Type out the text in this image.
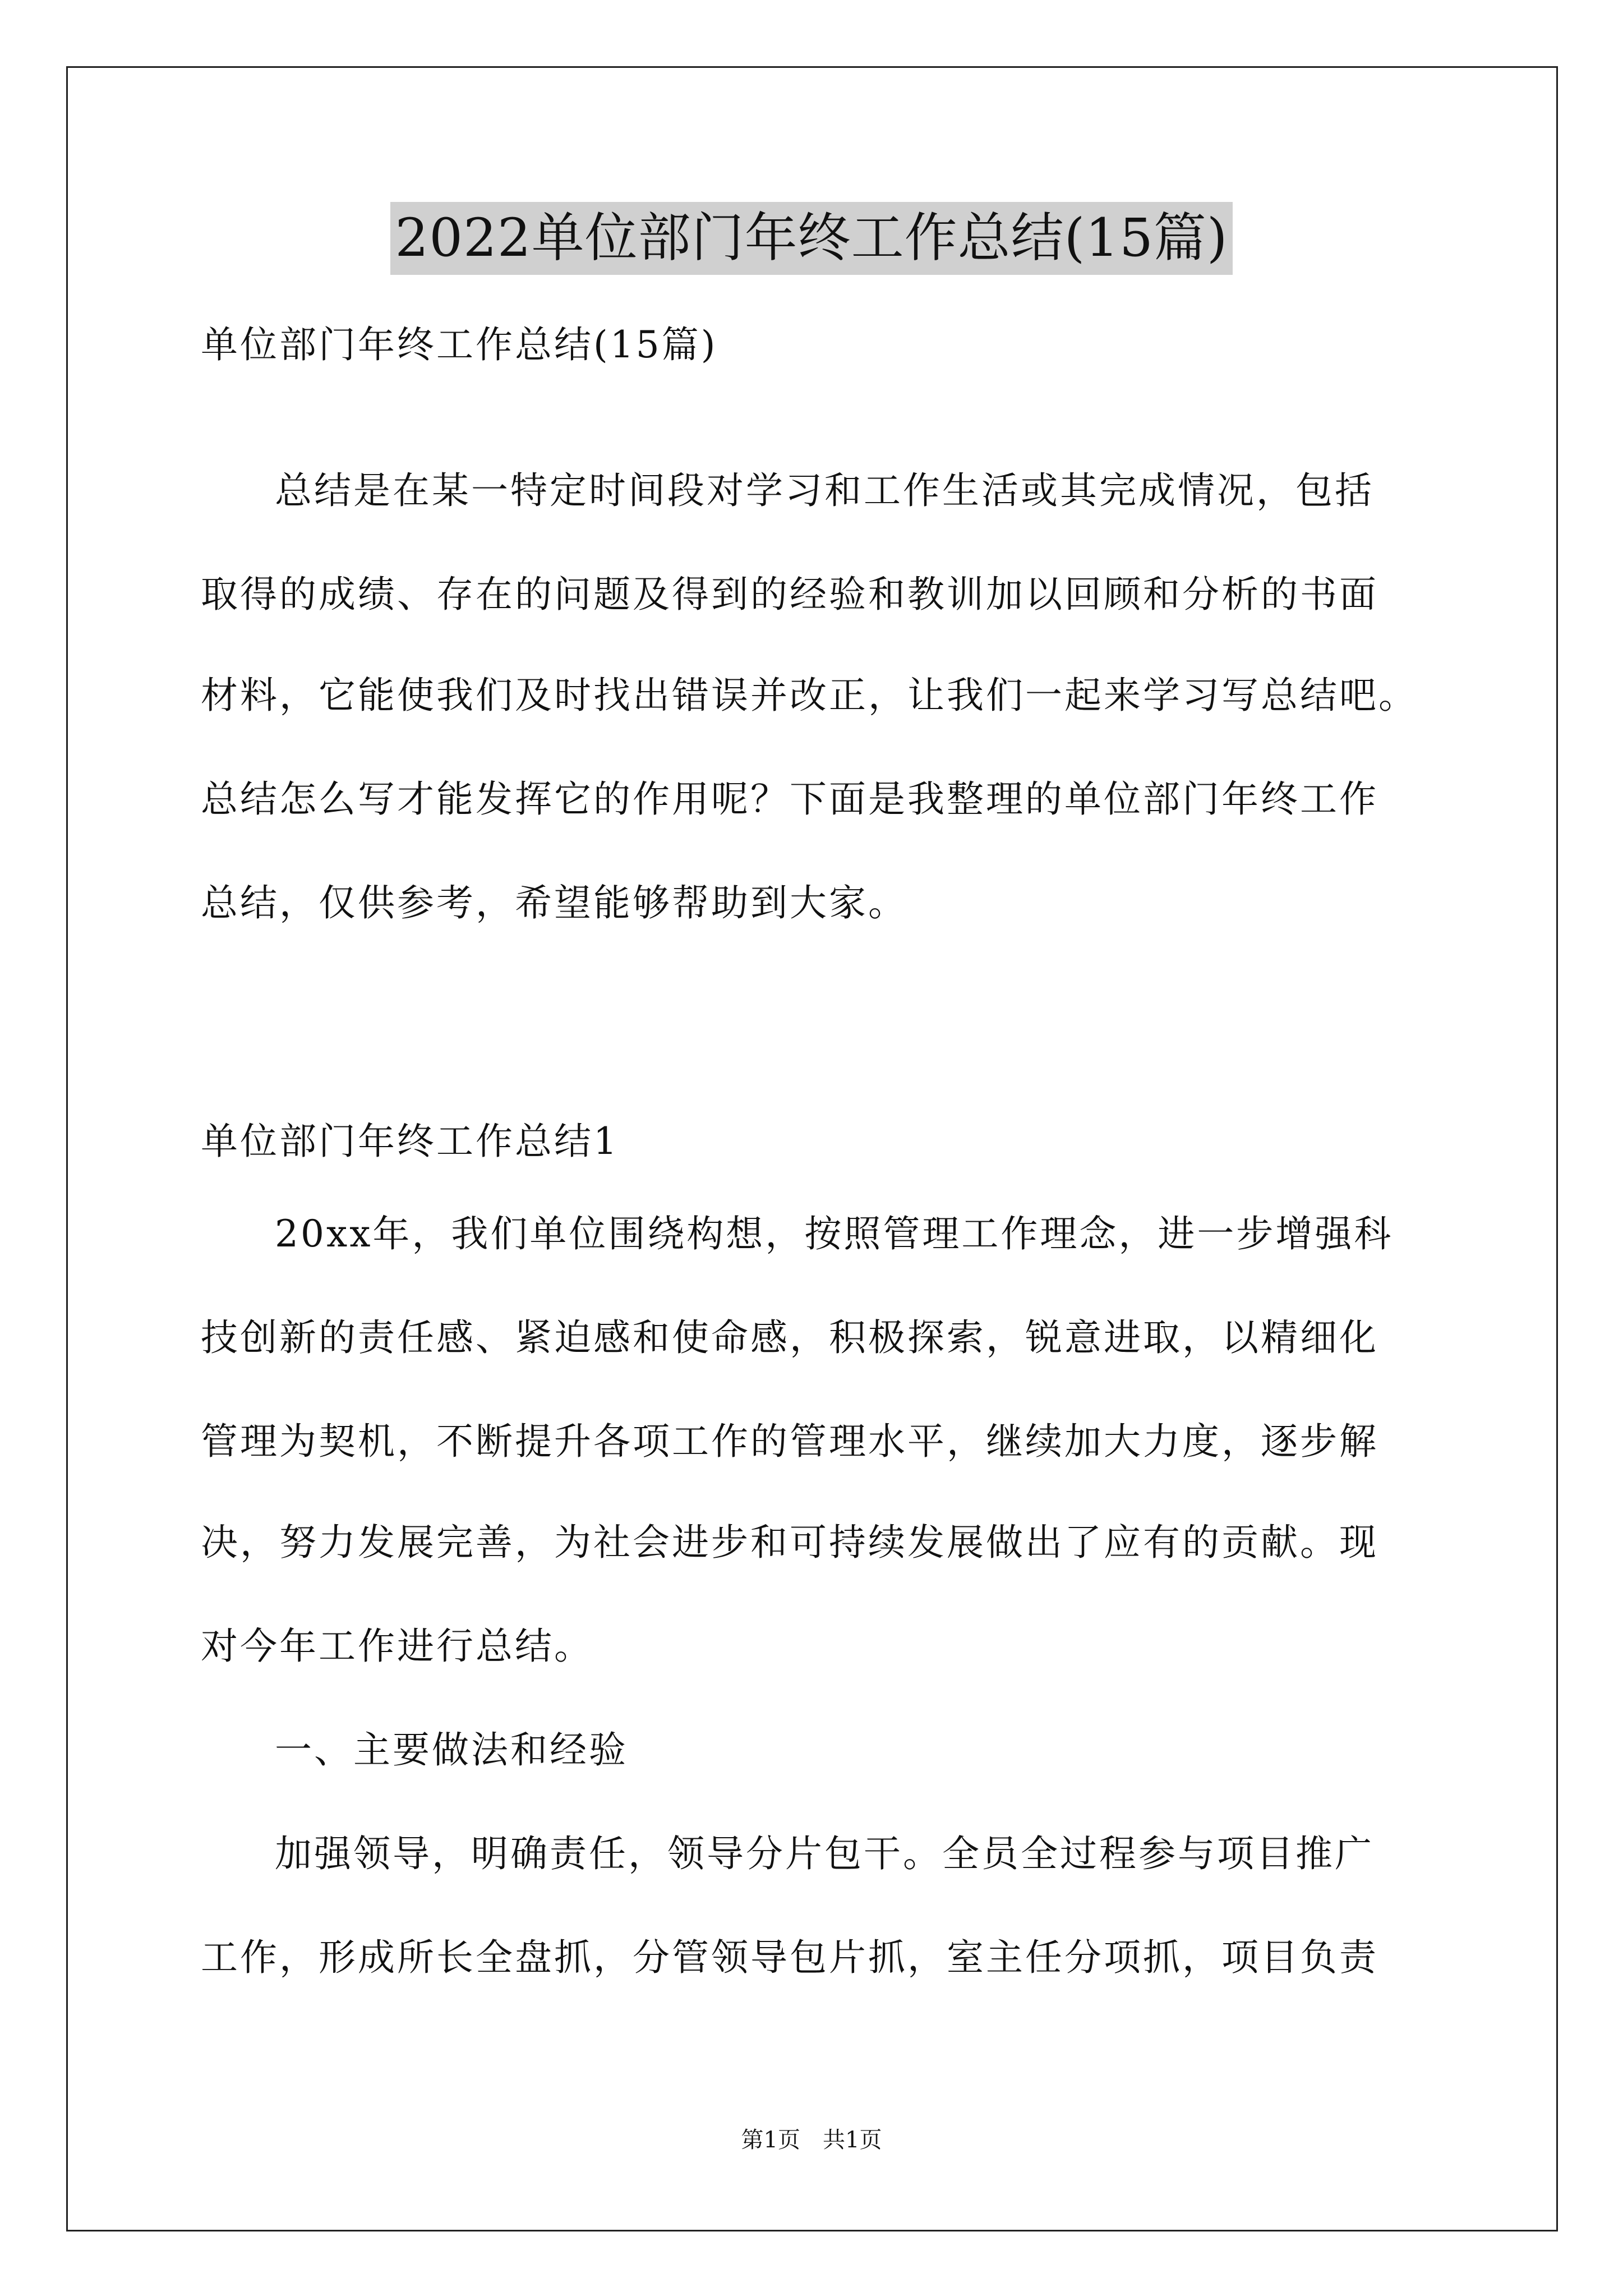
2022单位部门年终工作总结(15篇)
单位部门年终工作总结(15篇)
总结是在某一特定时间段对学习和工作生活或其完成情况，包括
取得的成绩、存在的问题及得到的经验和教训加以回顾和分析的书面
材料，它能使我们及时找出错误并改正，让我们一起来学习写总结吧。
总结怎么写才能发挥它的作用呢？下面是我整理的单位部门年终工作
总结，仅供参考，希望能够帮助到大家。
单位部门年终工作总结1
20xx年，我们单位围绕构想，按照管理工作理念，进一步增强科
技创新的责任感、紧迫感和使命感，积极探索，锐意进取，以精细化
管理为契机，不断提升各项工作的管理水平，继续加大力度，逐步解
决，努力发展完善，为社会进步和可持续发展做出了应有的贡献。现
对今年工作进行总结。
一、主要做法和经验
加强领导，明确责任，领导分片包干。全员全过程参与项目推广
工作，形成所长全盘抓，分管领导包片抓，室主任分项抓，项目负责
第1页　共1页
